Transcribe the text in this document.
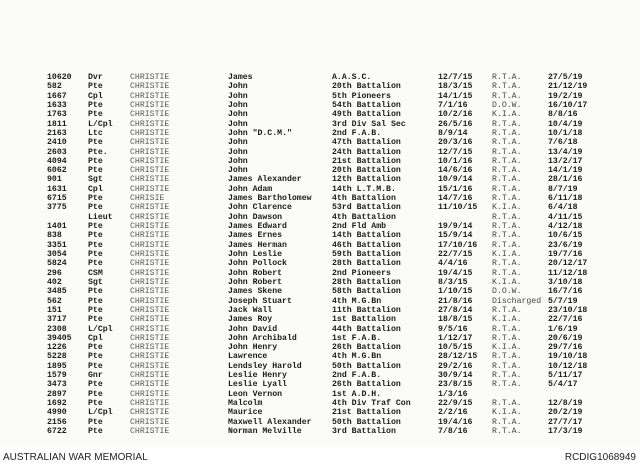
10620 Dvr	CHRISTIE	James	A.A.S.C.	12/7/15 R.T.A.	27/5/19
582	Pte	CHRISTIE	John	20th Battalion	18/3/15 R.T.A.	21/12/19
1667	Cpl	CHRISTIE	John	5th Pioneers	14/1/15 R.T.A.	19/2/19
1633	Pte	CHRISTIE	John	54th Battalion	7/1/16	D.O.W.	16/10/17
1763	Pte	CHRISTIE	John	49th Battalion	10/2/16 K.I.A.	8/8/16
1811	L/Cpl CHRISTIE	John	3rd Div Sal Sec	26/5/16 R.T.A.	10/4/19
2163	Ltc	CHRISTIE	John "D.C.M."	2nd F.A.B.	8/9/14	R.T.A.	10/1/18
2410	Pte	CHRISTIE	John	47th Battalion	20/3/16 R.T.A.	7/6/18
2603	Pte.	CHRISTIE	John	24th Battalion	12/7/15 R.T.A.	13/4/19
4094	Pte	CHRISTIE	John	21st Battalion	10/1/16 R.T.A.	13/2/17
6062	Pte	CHRISTIE	John	20th Battalion	14/6/16 R.T.A.	14/1/19
901	Sgt	CHRISTIE	James Alexander	12th Battalion	10/9/14 R.T.A.	28/1/16
1631	Cpl	CHRISTIE	John Adam	14th L.T.M.B.	15/1/16 R.T.A.	8/7/19
6715	Pte	CHRISIE	James Bartholomew 4th Battalion	14/7/16 R.T.A.	6/11/18
3775	Pte	CHRISTIE	John Clarence	53rd Battalion	11/10/15 K.I.A.	6/4/18
Lieut CHRISTIE	John Dawson	4th Battalion	R.T.A.	4/11/15
1401	Pte	CHRISTIE	James Edward	2nd Fld Amb	19/9/14 R.T.A.	4/12/18
838	Pte	CHRISTIE	James Ernes	14th Battalion	15/9/14 R.T.A.	10/6/15
3351	Pte	CHRISTIE	James Herman	46th Battalion	17/10/16 R.T.A.	23/6/19
3054	Pte	CHRISTIE	John Leslie	59th Battalion	22/7/15 K.I.A.	19/7/16
5824	Pte	CHRISTIE	John Pollock	28th Battalion	4/4/16	R.T.A.	20/12/17
296	CSM	CHRISTIE	John Robert	2nd Pioneers	19/4/15 R.T.A.	11/12/18
402	Sgt	CHRISTIE	John Robert	28th Battalion	8/3/15	K.I.A.	3/10/18
3485	Pte	CHRISTIE	James Skene	58th Battalion	1/10/15 D.O.W.	16/7/16
562	Pte	CHRISTIE	Joseph Stuart	4th M.G.Bn	21/8/16 Discharged 5/7/19
151	Pte	CHRISTIE	Jack Wall	11th Battalion	27/8/14 R.T.A.	23/10/18
3717	Pte	CHRISTIE	James Roy	1st Battalion	18/8/15 K.I.A.	22/7/16
2308	L/Cpl CHRISTIE	John David	44th Battalion	9/5/16	R.T.A.	1/6/19
39405 Cpl	CHRISTIE	John Archibald	1st F.A.B.	1/12/17 R.T.A.	20/6/19
1226	Pte	CHRISTIE	John Henry	26th Battalion	10/5/15 K.I.A.	29/7/16
5228	Pte	CHRISTIE	Lawrence	4th M.G.Bn	28/12/15 R.T.A.	19/10/18
1895	Pte	CHRISTIE	Lendsley Harold	50th Battalion	29/2/16 R.T.A.	10/12/18
1579	Gnr	CHRISTIE	Leslie Henry	2nd F.A.B.	30/9/14 R.T.A.	5/11/17
3473	Pte	CHRISTIE	Leslie Lyall	26th Battalion	23/8/15 R.T.A.	5/4/17
2897	Pte	CHRISTIE	Leon Vernon	1st A.D.H.	1/3/16
1692	Pte	CHRISTIE	Malcolm	4th Div Traf Con	22/9/15 R.T.A.	12/8/19
4990	L/Cpl CHRISTIE	Maurice	21st Battalion	2/2/16	K.I.A.	20/2/19
2156	Pte	CHRISTIE	Maxwell Alexander 50th Battalion	19/4/16 R.T.A.	27/7/17
6722	Pte	CHRISTIE	Norman Melville	3rd Battalion	7/8/16	R.T.A.	17/3/19
AUSTRALIAN WAR MEMORIAL	RCDIG1068949
